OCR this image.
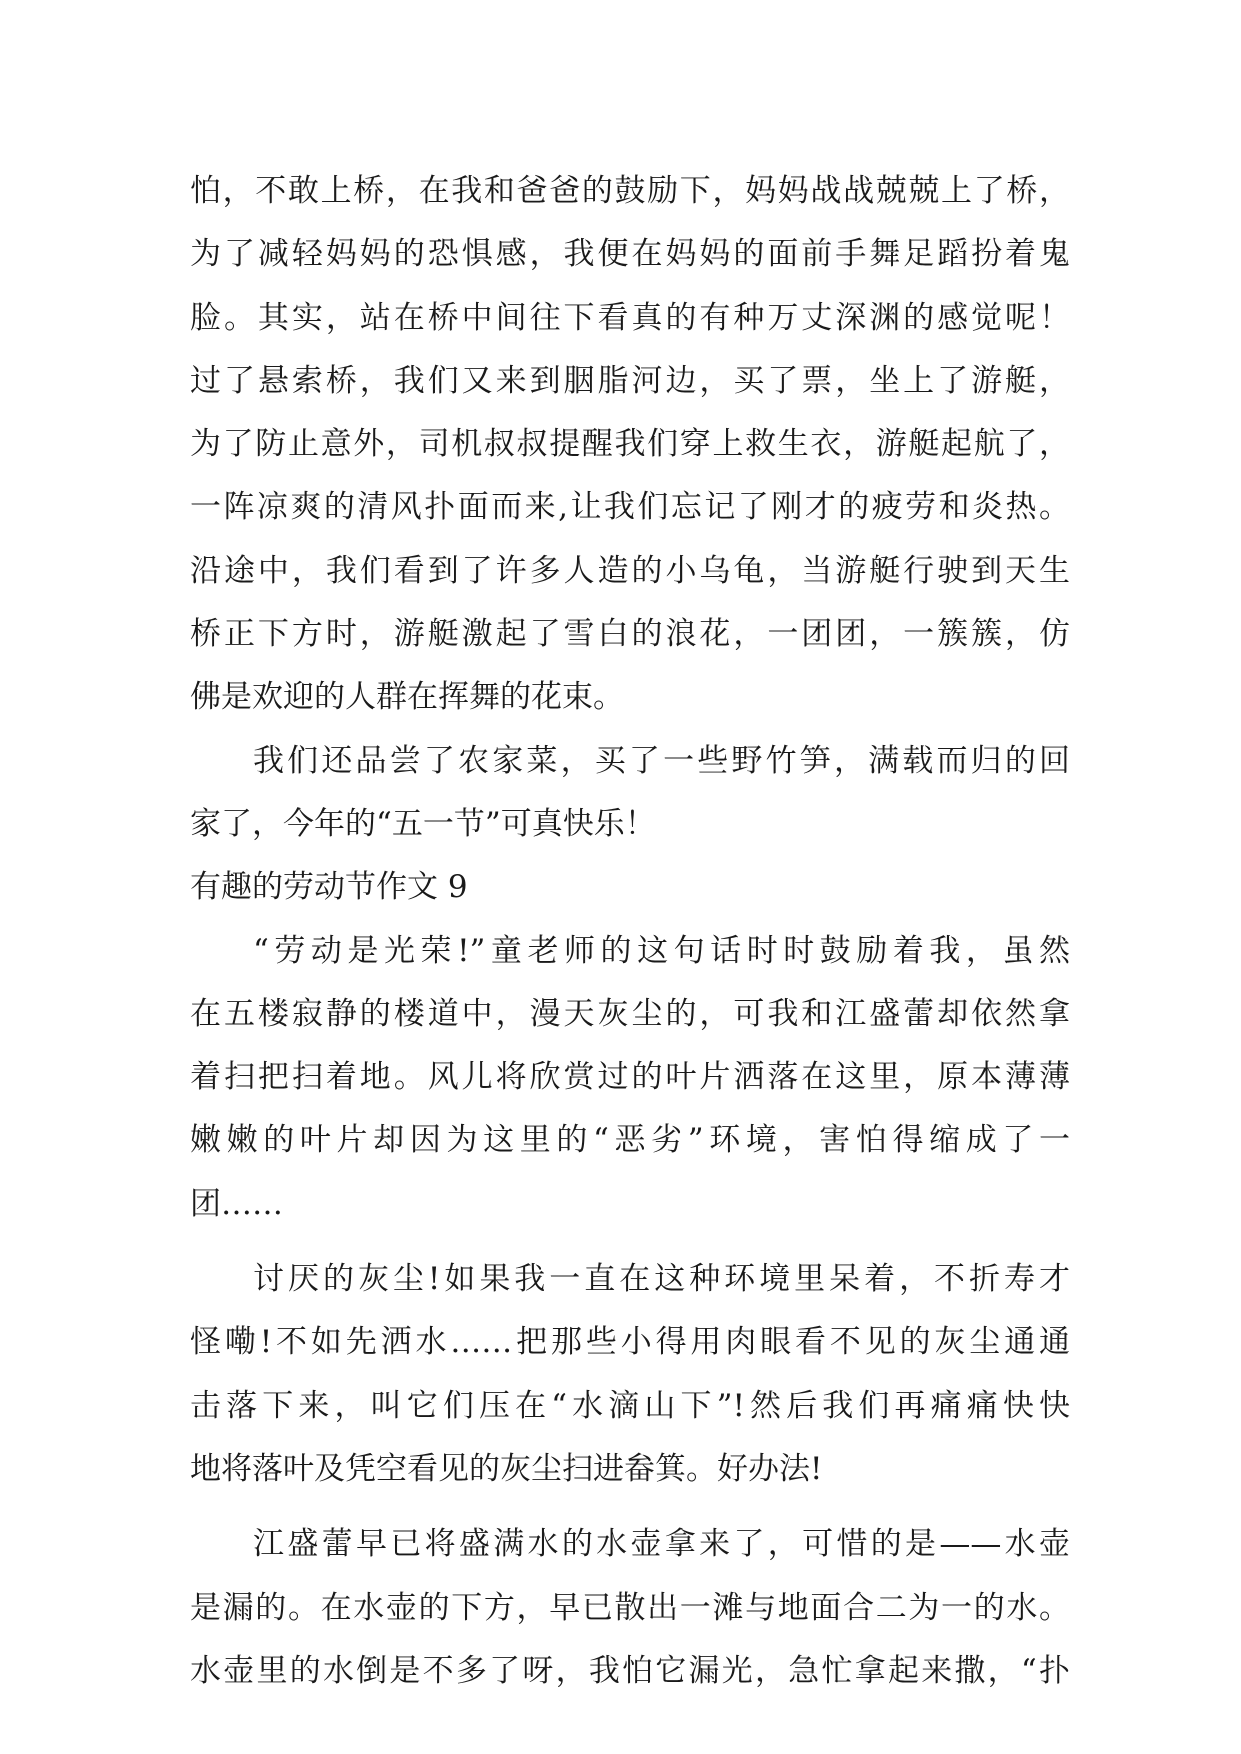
怕，不敢上桥，在我和爸爸的鼓励下，妈妈战战兢兢上了桥，
为了减轻妈妈的恐惧感，我便在妈妈的面前手舞足蹈扮着鬼
脸。其实，站在桥中间往下看真的有种万丈深渊的感觉呢！
过了悬索桥，我们又来到胭脂河边，买了票，坐上了游艇，
为了防止意外，司机叔叔提醒我们穿上救生衣，游艇起航了，
一阵凉爽的清风扑面而来,让我们忘记了刚才的疲劳和炎热。
沿途中，我们看到了许多人造的小乌龟，当游艇行驶到天生
桥正下方时，游艇激起了雪白的浪花，一团团，一簇簇，仿
佛是欢迎的人群在挥舞的花束。
我们还品尝了农家菜，买了一些野竹笋，满载而归的回
家了，今年的“五一节”可真快乐！
有趣的劳动节作文 9
“劳动是光荣!”童老师的这句话时时鼓励着我，虽然
在五楼寂静的楼道中，漫天灰尘的，可我和江盛蕾却依然拿
着扫把扫着地。风儿将欣赏过的叶片洒落在这里，原本薄薄
嫩嫩的叶片却因为这里的“恶劣”环境，害怕得缩成了一
团……
讨厌的灰尘!如果我一直在这种环境里呆着，不折寿才
怪嘞!不如先洒水……把那些小得用肉眼看不见的灰尘通通
击落下来，叫它们压在“水滴山下”!然后我们再痛痛快快
地将落叶及凭空看见的灰尘扫进畚箕。好办法!
江盛蕾早已将盛满水的水壶拿来了，可惜的是——水壶
是漏的。在水壶的下方，早已散出一滩与地面合二为一的水。
水壶里的水倒是不多了呀，我怕它漏光，急忙拿起来撒，“扑
